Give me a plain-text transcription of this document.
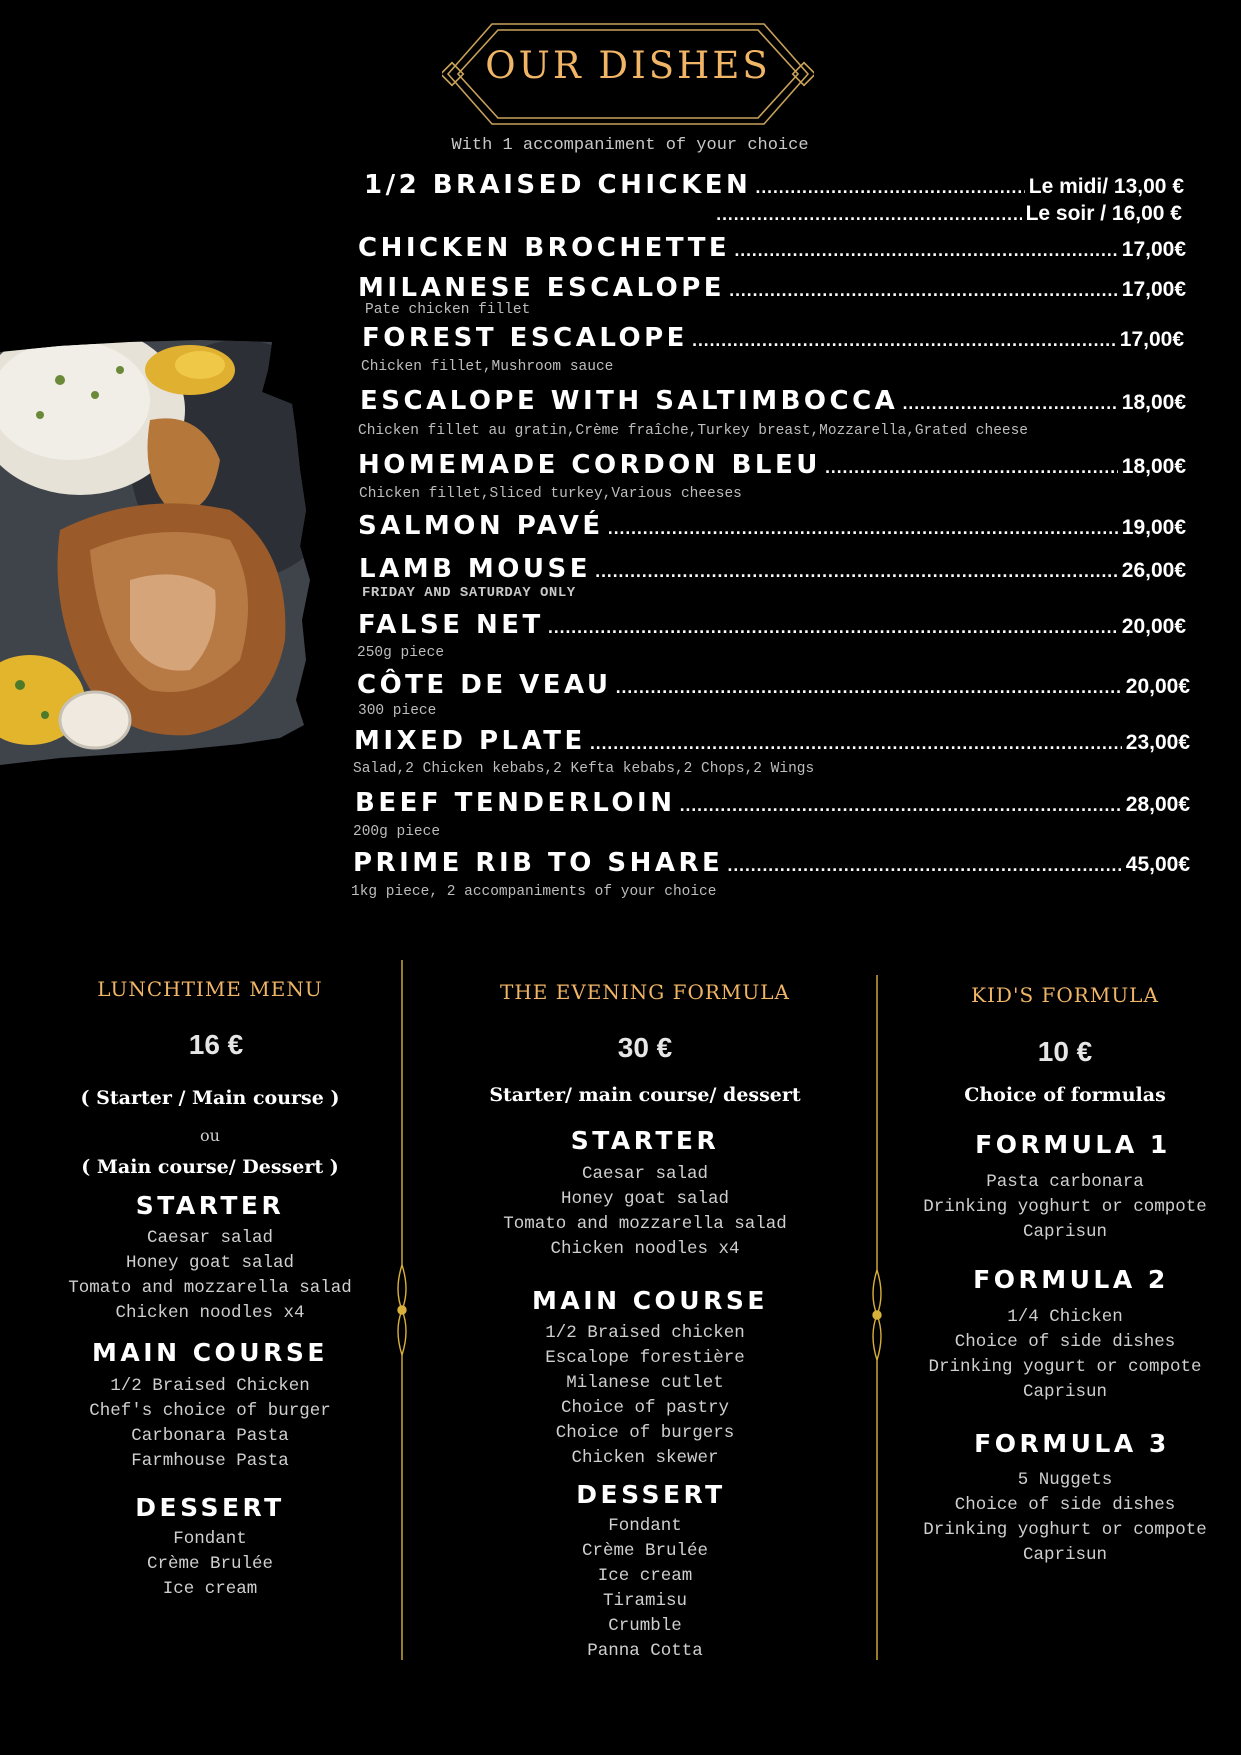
OUR DISHES
With 1 accompaniment of your choice
1/2 BRAISED CHICKEN .....	Le midi/ 13,00 €
.....
Le soir / 16,00 €
CHICKEN BROCHETTE .....	17,00€
MILANESE ESCALOPE .....	17,00€
Pate chicken fillet
FOREST ESCALOPE .....	17,00€
Chicken fillet,Mushroom sauce
ESCALOPE WITH SALTIMBOCCA .....	18,00€
Chicken fillet au gratin,Crème fraîche,Turkey breast,Mozzarella,Grated cheese
HOMEMADE CORDON BLEU .....	18,00€
Chicken fillet,Sliced turkey,Various cheeses
SALMON PAVÉ .....	19,00€
LAMB MOUSE .....	26,00€
FRIDAY AND SATURDAY ONLY
FALSE NET .....	20,00€
250g piece
CÔTE DE VEAU .....	20,00€
300 piece
MIXED PLATE .....	23,00€
Salad,2 Chicken kebabs,2 Kefta kebabs,2 Chops,2 Wings
BEEF TENDERLOIN .....	28,00€
200g piece
PRIME RIB TO SHARE .....	45,00€
1kg piece, 2 accompaniments of your choice
LUNCHTIME MENU
16 €
( Starter / Main course )
ou
( Main course/ Dessert )
STARTER
Caesar salad
Honey goat salad
Tomato and mozzarella salad
Chicken noodles x4
MAIN COURSE
1/2 Braised Chicken
Chef's choice of burger
Carbonara Pasta
Farmhouse Pasta
DESSERT
Fondant
Crème Brulée
Ice cream
THE EVENING FORMULA
30 €
Starter/ main course/ dessert
STARTER
Caesar salad
Honey goat salad
Tomato and mozzarella salad
Chicken noodles x4
MAIN COURSE
1/2 Braised chicken
Escalope forestière
Milanese cutlet
Choice of pastry
Choice of burgers
Chicken skewer
DESSERT
Fondant
Crème Brulée
Ice cream
Tiramisu
Crumble
Panna Cotta
KID'S FORMULA
10 €
Choice of formulas
FORMULA 1
Pasta carbonara
Drinking yoghurt or compote
Caprisun
FORMULA 2
1/4 Chicken
Choice of side dishes
Drinking yogurt or compote
Caprisun
FORMULA 3
5 Nuggets
Choice of side dishes
Drinking yoghurt or compote
Caprisun
